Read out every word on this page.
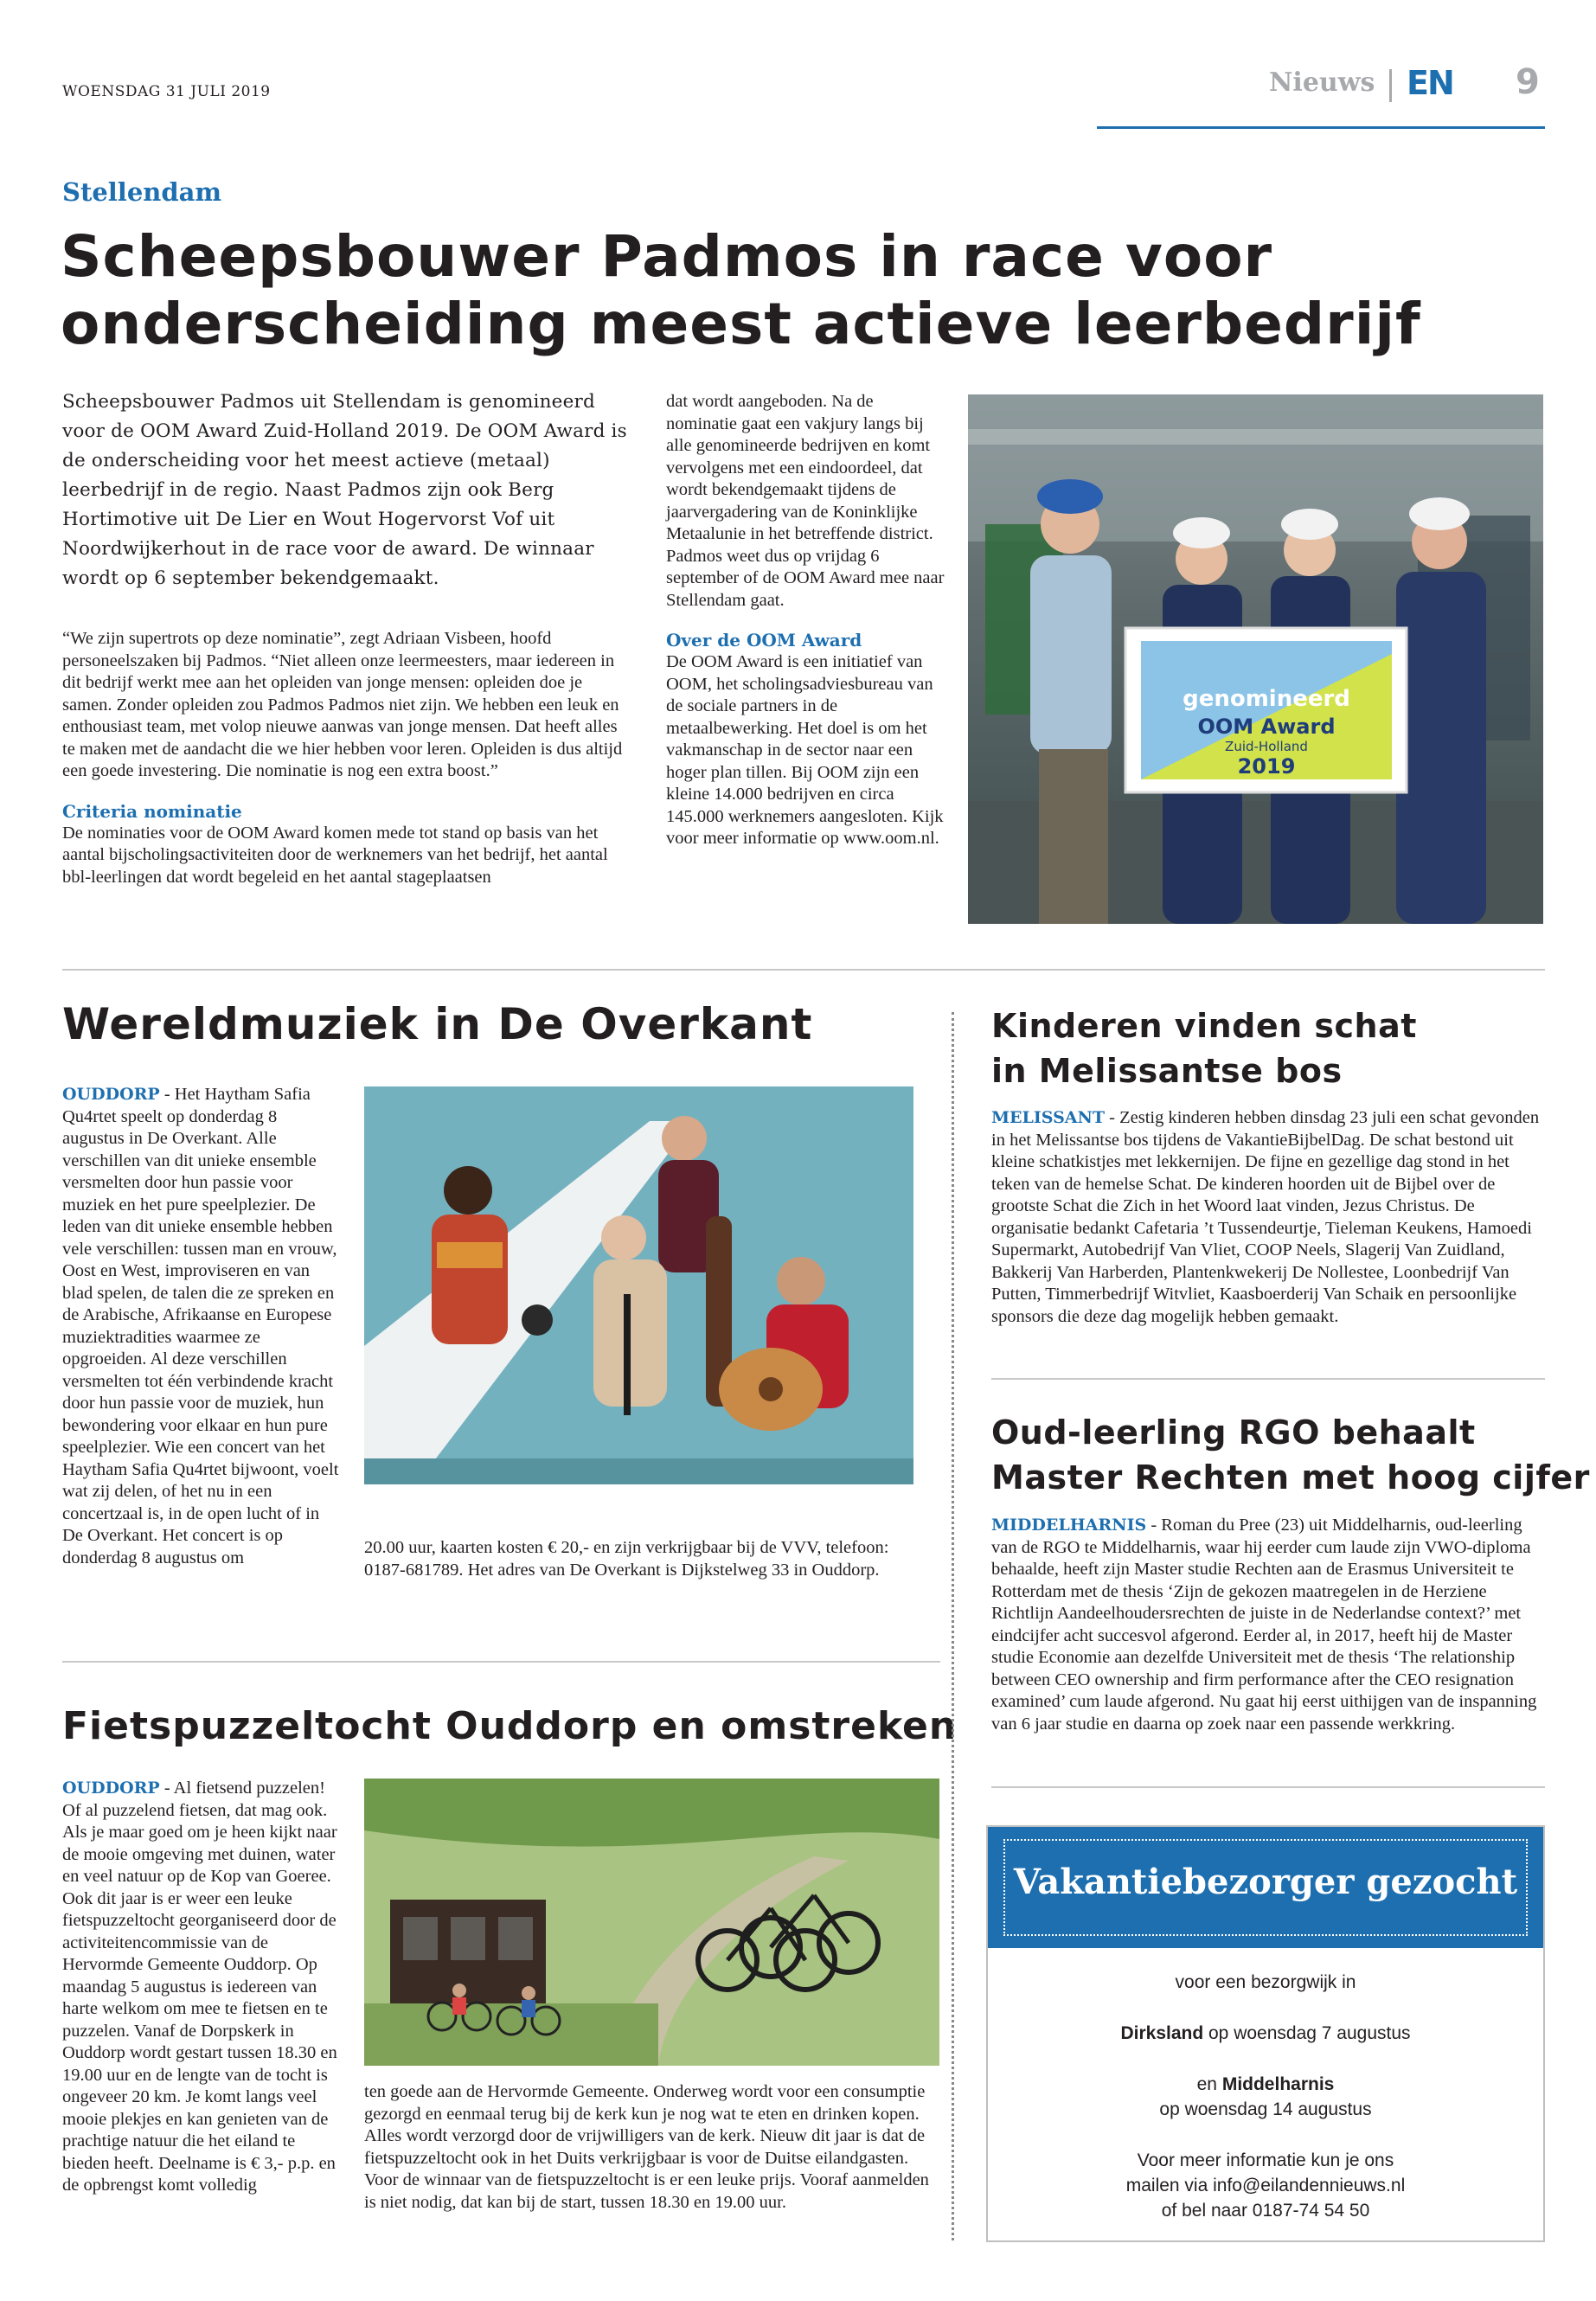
WOENSDAG 31 JULI 2019	Nieuws EN 9
Stellendam
Scheepsbouwer Padmos in race voor
onderscheiding meest actieve leerbedrijf
Scheepsbouwer Padmos uit Stellendam is genomineerd voor de OOM Award Zuid-Holland 2019. De OOM Award is de onderscheiding voor het meest actieve (metaal) leerbedrijf in de regio. Naast Padmos zijn ook Berg Hortimotive uit De Lier en Wout Hogervorst Vof uit Noordwijkerhout in de race voor de award. De winnaar wordt op 6 september bekendgemaakt.

“We zijn supertrots op deze nominatie”, zegt Adriaan Visbeen, hoofd personeelszaken bij Padmos. “Niet alleen onze leermeesters, maar iedereen in dit bedrijf werkt mee aan het opleiden van jonge mensen: opleiden doe je samen. Zonder opleiden zou Padmos Padmos niet zijn. We hebben een leuk en enthousiast team, met volop nieuwe aanwas van jonge mensen. Dat heeft alles te maken met de aandacht die we hier hebben voor leren. Opleiden is dus altijd een goede investering. Die nominatie is nog een extra boost.”

Criteria nominatie

De nominaties voor de OOM Award komen mede tot stand op basis van het aantal bijscholingsactiviteiten door de werknemers van het bedrijf, het aantal bbl-leerlingen dat wordt begeleid en het aantal stageplaatsen

dat wordt aangeboden. Na de nominatie gaat een vakjury langs bij alle genomineerde bedrijven en komt vervolgens met een eindoordeel, dat wordt bekendgemaakt tijdens de jaarvergadering van de Koninklijke Metaalunie in het betreffende district. Padmos weet dus op vrijdag 6 september of de OOM Award mee naar Stellendam gaat.

Over de OOM Award

De OOM Award is een initiatief van OOM, het scholingsadviesbureau van de sociale partners in de metaalbewerking. Het doel is om het vakmanschap in de sector naar een hoger plan tillen. Bij OOM zijn een kleine 14.000 bedrijven en circa 145.000 werknemers aangesloten. Kijk voor meer informatie op www.oom.nl.

genomineerd
OOM Award
Zuid-Holland
2019
Wereldmuziek in De Overkant

OUDDORP - Het Haytham Safia Qu4rtet speelt op donderdag 8 augustus in De Overkant. Alle verschillen van dit unieke ensemble versmelten door hun passie voor muziek en het pure speelplezier. De leden van dit unieke ensemble hebben vele verschillen: tussen man en vrouw, Oost en West, improviseren en van blad spelen, de talen die ze spreken en de Arabische, Afrikaanse en Europese muziektradities waarmee ze opgroeiden. Al deze verschillen versmelten tot één verbindende kracht door hun passie voor de muziek, hun bewondering voor elkaar en hun pure speelplezier. Wie een concert van het Haytham Safia Qu4rtet bijwoont, voelt wat zij delen, of het nu in een concertzaal is, in de open lucht of in De Overkant. Het concert is op donderdag 8 augustus om

20.00 uur, kaarten kosten € 20,- en zijn verkrijgbaar bij de VVV, telefoon: 0187-681789. Het adres van De Overkant is Dijkstelweg 33 in Ouddorp.

Fietspuzzeltocht Ouddorp en omstreken

OUDDORP - Al fietsend puzzelen! Of al puzzelend fietsen, dat mag ook. Als je maar goed om je heen kijkt naar de mooie omgeving met duinen, water en veel natuur op de Kop van Goeree. Ook dit jaar is er weer een leuke fietspuzzeltocht georganiseerd door de activiteitencommissie van de Hervormde Gemeente Ouddorp. Op maandag 5 augustus is iedereen van harte welkom om mee te fietsen en te puzzelen. Vanaf de Dorpskerk in Ouddorp wordt gestart tussen 18.30 en 19.00 uur en de lengte van de tocht is ongeveer 20 km. Je komt langs veel mooie plekjes en kan genieten van de prachtige natuur die het eiland te bieden heeft. Deelname is € 3,- p.p. en de opbrengst komt volledig

ten goede aan de Hervormde Gemeente. Onderweg wordt voor een consumptie gezorgd en eenmaal terug bij de kerk kun je nog wat te eten en drinken kopen. Alles wordt verzorgd door de vrijwilligers van de kerk. Nieuw dit jaar is dat de fietspuzzeltocht ook in het Duits verkrijgbaar is voor de Duitse eilandgasten. Voor de winnaar van de fietspuzzeltocht is er een leuke prijs. Vooraf aanmelden is niet nodig, dat kan bij de start, tussen 18.30 en 19.00 uur.

Kinderen vinden schat
in Melissantse bos

MELISSANT - Zestig kinderen hebben dinsdag 23 juli een schat gevonden in het Melissantse bos tijdens de VakantieBijbelDag. De schat bestond uit kleine schatkistjes met lekkernijen. De fijne en gezellige dag stond in het teken van de hemelse Schat. De kinderen hoorden uit de Bijbel over de grootste Schat die Zich in het Woord laat vinden, Jezus Christus. De organisatie bedankt Cafetaria ’t Tussendeurtje, Tieleman Keukens, Hamoedi Supermarkt, Autobedrijf Van Vliet, COOP Neels, Slagerij Van Zuidland, Bakkerij Van Harberden, Plantenkwekerij De Nollestee, Loonbedrijf Van Putten, Timmerbedrijf Witvliet, Kaasboerderij Van Schaik en persoonlijke sponsors die deze dag mogelijk hebben gemaakt.

Oud-leerling RGO behaalt
Master Rechten met hoog cijfer

MIDDELHARNIS - Roman du Pree (23) uit Middelharnis, oud-leerling van de RGO te Middelharnis, waar hij eerder cum laude zijn VWO-diploma behaalde, heeft zijn Master studie Rechten aan de Erasmus Universiteit te Rotterdam met de thesis ‘Zijn de gekozen maatregelen in de Herziene Richtlijn Aandeelhoudersrechten de juiste in de Nederlandse context?’ met eindcijfer acht succesvol afgerond. Eerder al, in 2017, heeft hij de Master studie Economie aan dezelfde Universiteit met de thesis ‘The relationship between CEO ownership and firm performance after the CEO resignation examined’ cum laude afgerond. Nu gaat hij eerst uithijgen van de inspanning van 6 jaar studie en daarna op zoek naar een passende werkkring.

Vakantiebezorger gezocht
voor een bezorgwijk in
Dirksland op woensdag 7 augustus
en Middelharnis
op woensdag 14 augustus
Voor meer informatie kun je ons
mailen via info@eilandennieuws.nl
of bel naar 0187-74 54 50
